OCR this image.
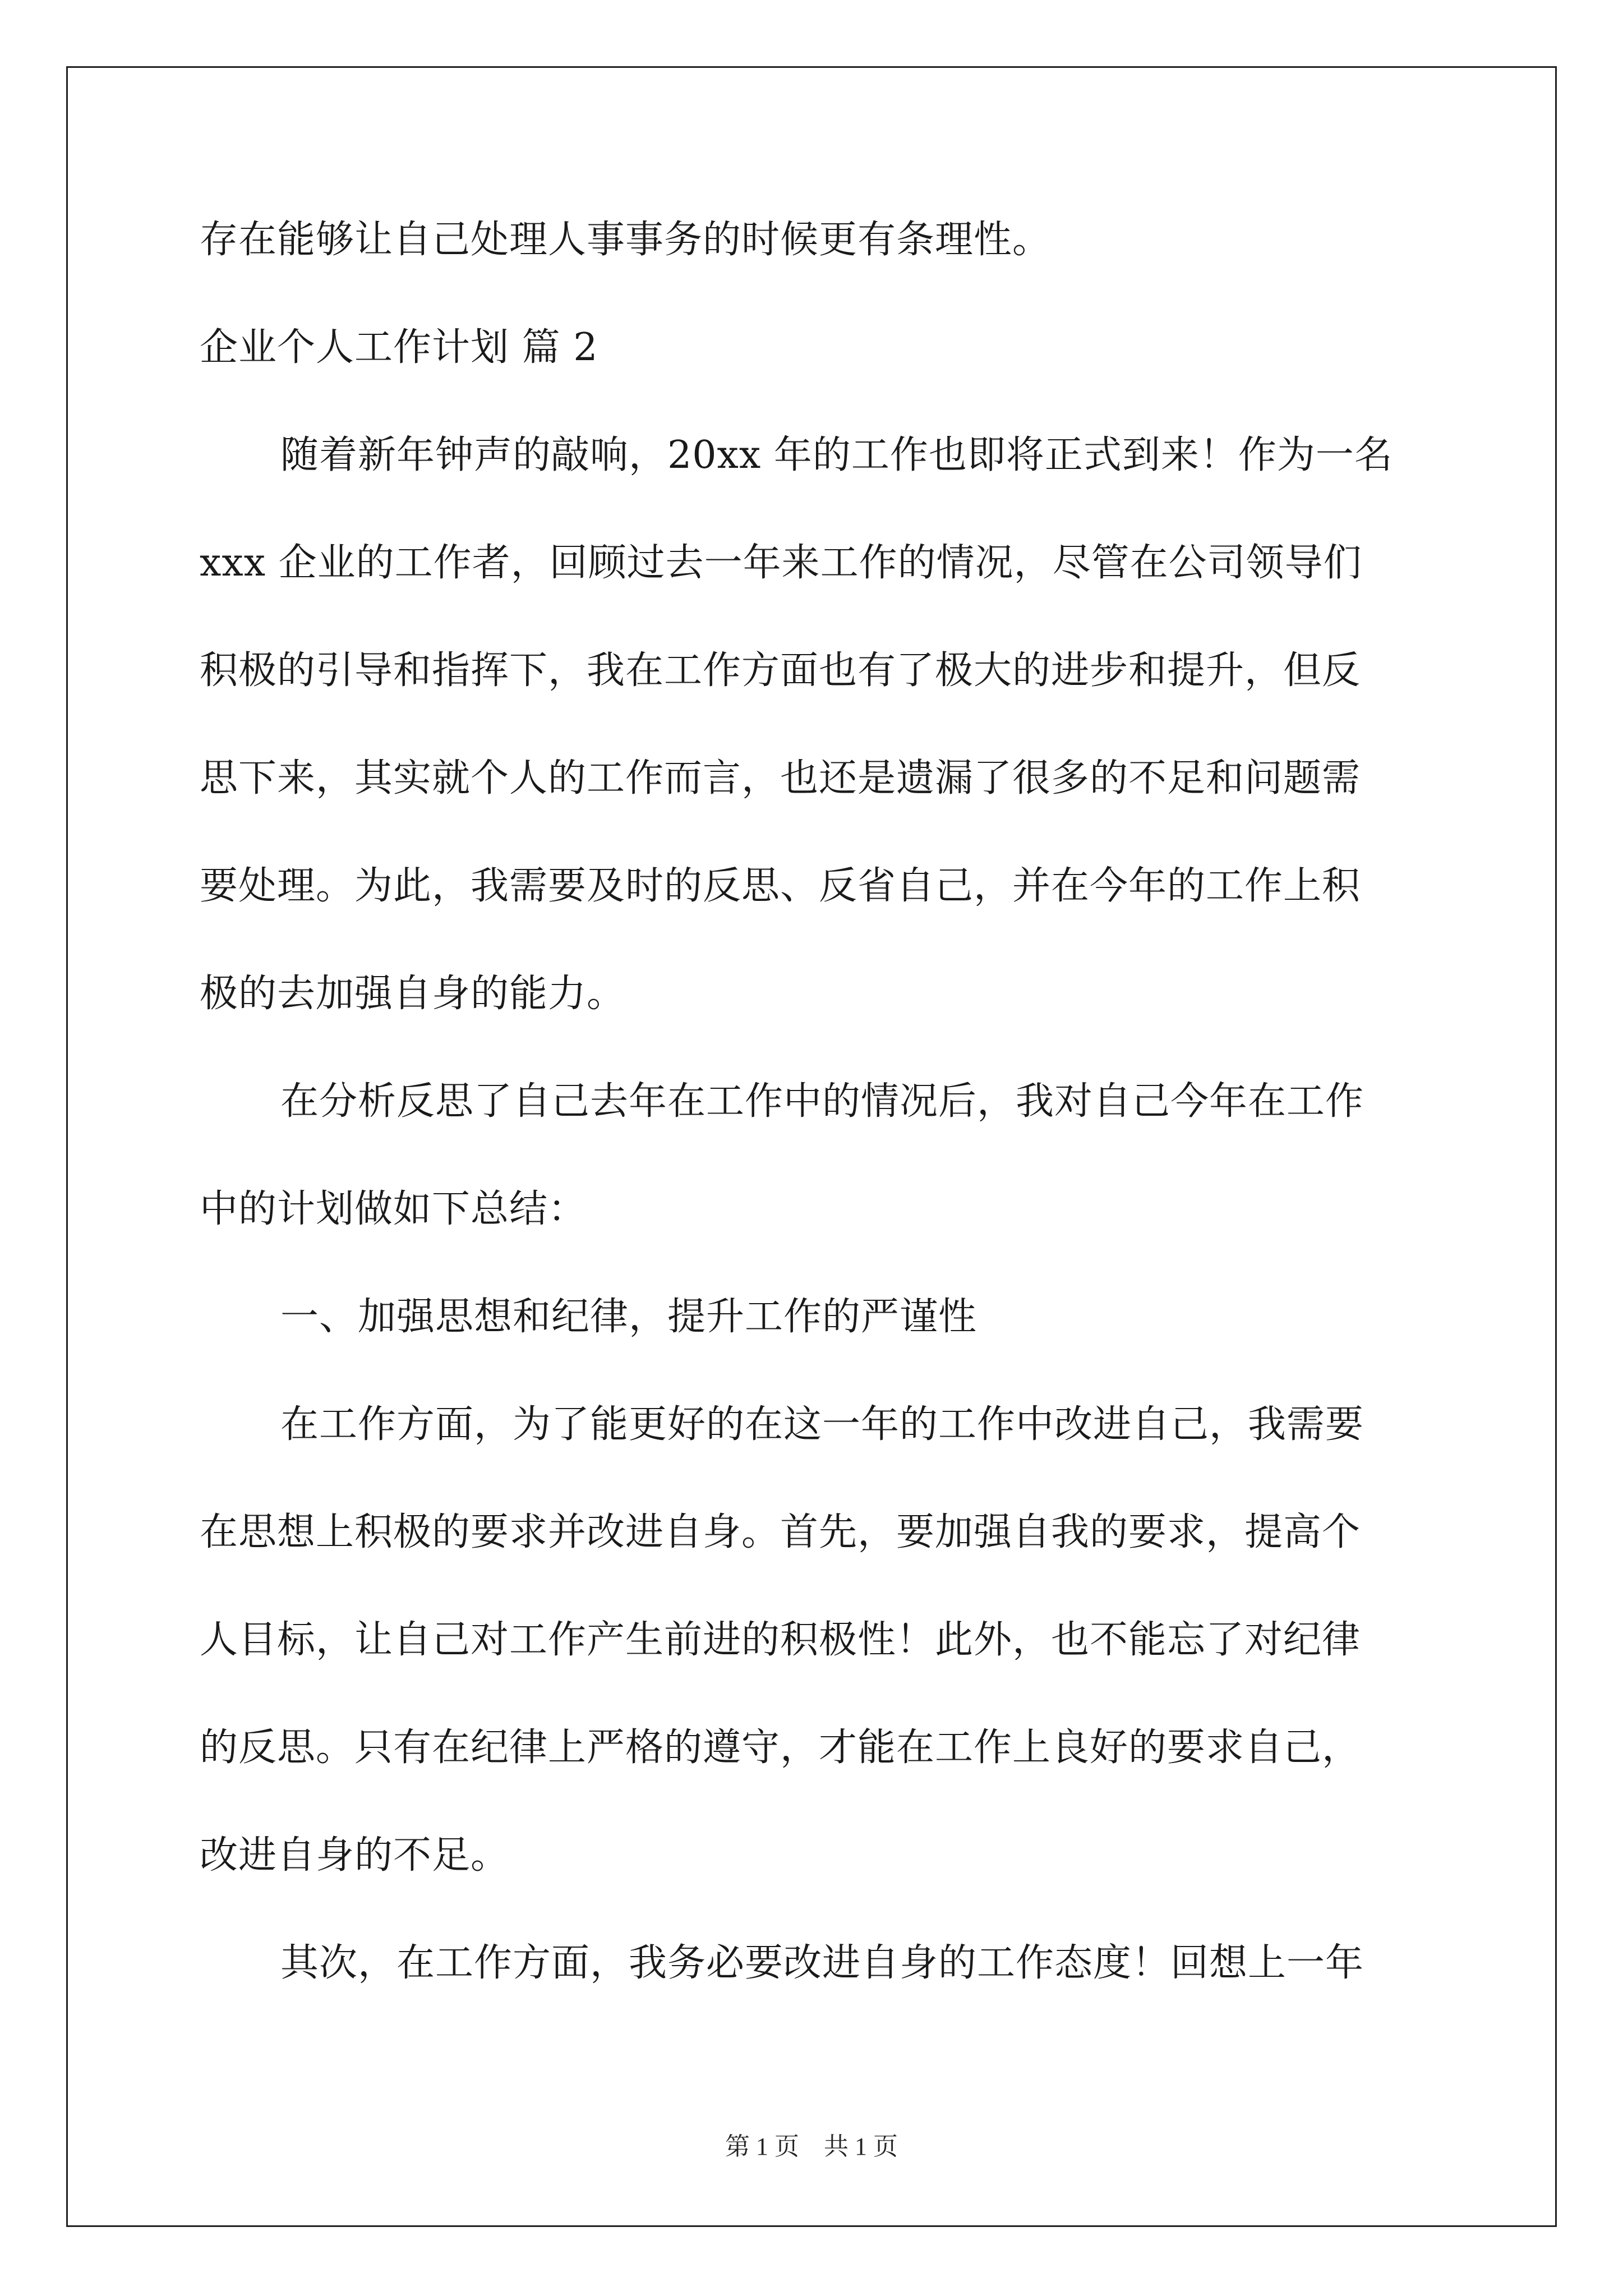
存在能够让自己处理人事事务的时候更有条理性。

企业个人工作计划 篇 2

随着新年钟声的敲响，20xx 年的工作也即将正式到来！作为一名

xxx 企业的工作者，回顾过去一年来工作的情况，尽管在公司领导们

积极的引导和指挥下，我在工作方面也有了极大的进步和提升，但反

思下来，其实就个人的工作而言，也还是遗漏了很多的不足和问题需

要处理。为此，我需要及时的反思、反省自己，并在今年的工作上积

极的去加强自身的能力。

在分析反思了自己去年在工作中的情况后，我对自己今年在工作

中的计划做如下总结：

一、加强思想和纪律，提升工作的严谨性

在工作方面，为了能更好的在这一年的工作中改进自己，我需要

在思想上积极的要求并改进自身。首先，要加强自我的要求，提高个

人目标，让自己对工作产生前进的积极性！此外，也不能忘了对纪律

的反思。只有在纪律上严格的遵守，才能在工作上良好的要求自己，

改进自身的不足。

其次，在工作方面，我务必要改进自身的工作态度！回想上一年

第 1 页　共 1 页
